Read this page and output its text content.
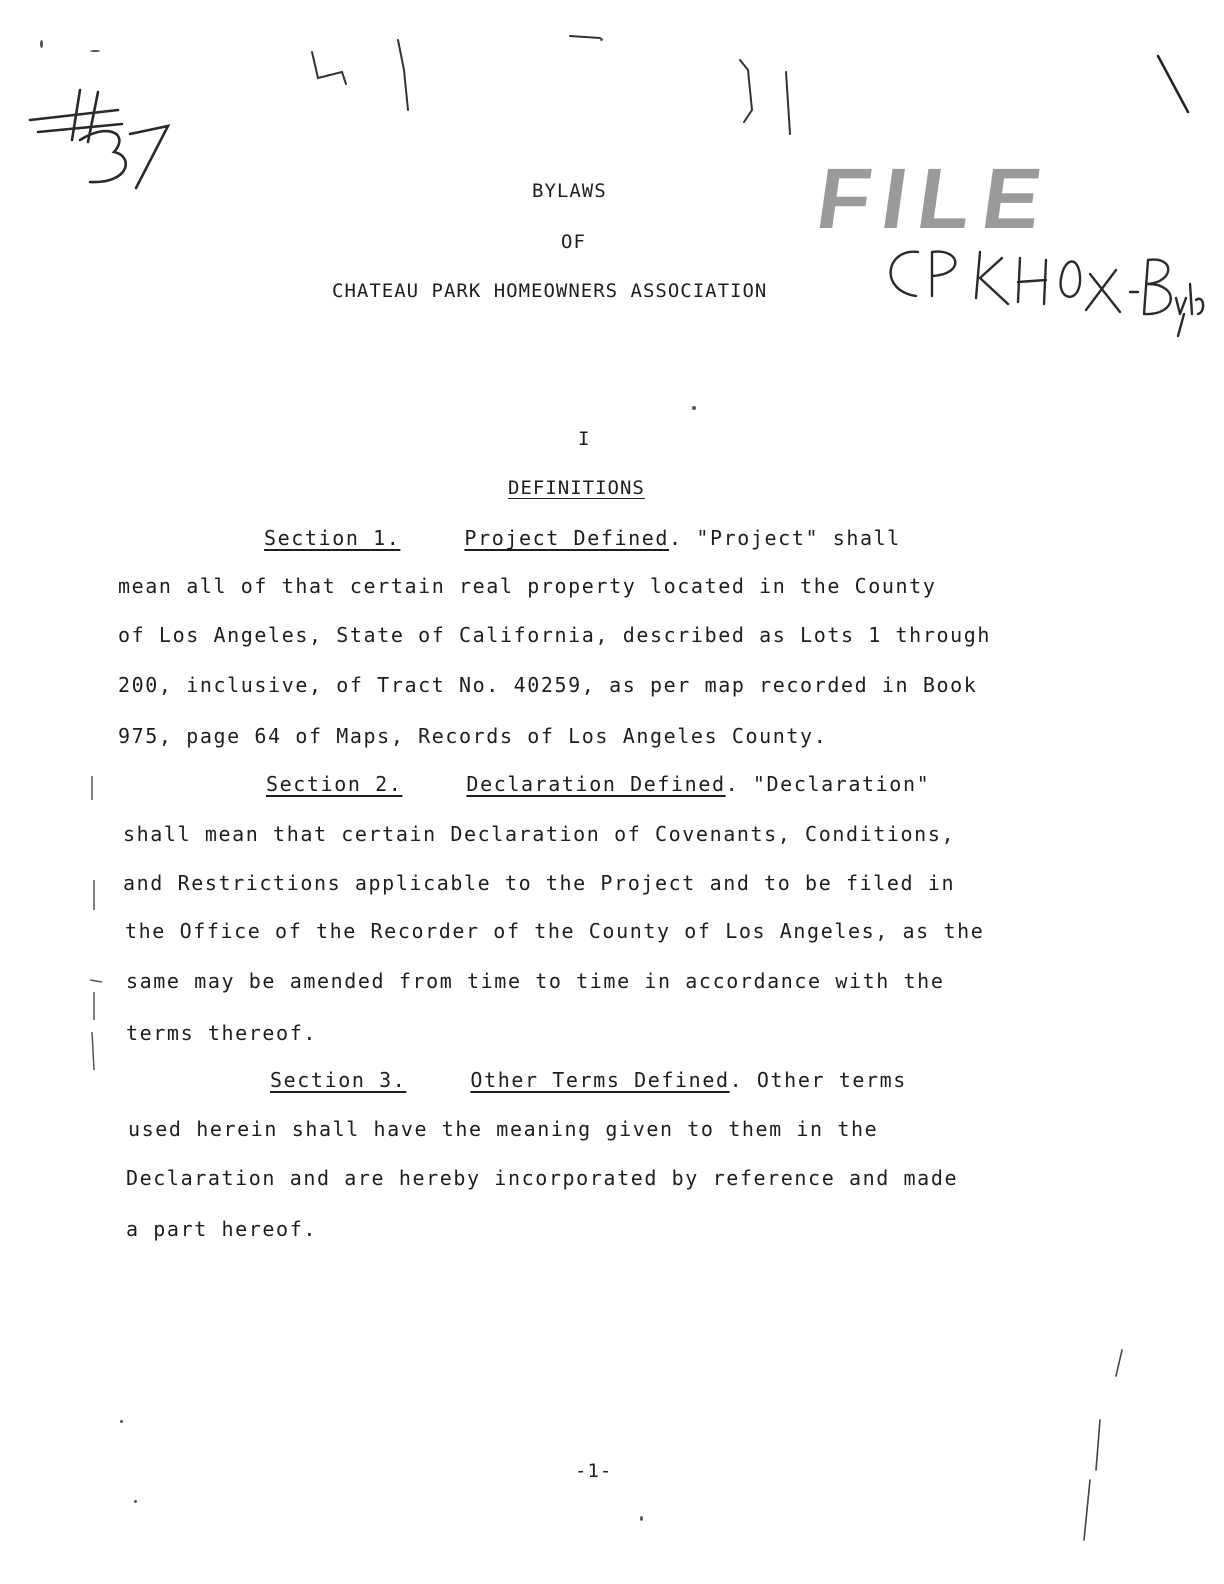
FILE
BYLAWS
OF
CHATEAU PARK HOMEOWNERS ASSOCIATION
I
DEFINITIONS
Section 1.	Project Defined. "Project" shall
mean all of that certain real property located in the County
of Los Angeles, State of California, described as Lots 1 through
200, inclusive, of Tract No. 40259, as per map recorded in Book
975, page 64 of Maps, Records of Los Angeles County.
Section 2.	Declaration Defined. "Declaration"
shall mean that certain Declaration of Covenants, Conditions,
and Restrictions applicable to the Project and to be filed in
the Office of the Recorder of the County of Los Angeles, as the
same may be amended from time to time in accordance with the
terms thereof.
Section 3.	Other Terms Defined. Other terms
used herein shall have the meaning given to them in the
Declaration and are hereby incorporated by reference and made
a part hereof.
-1-
